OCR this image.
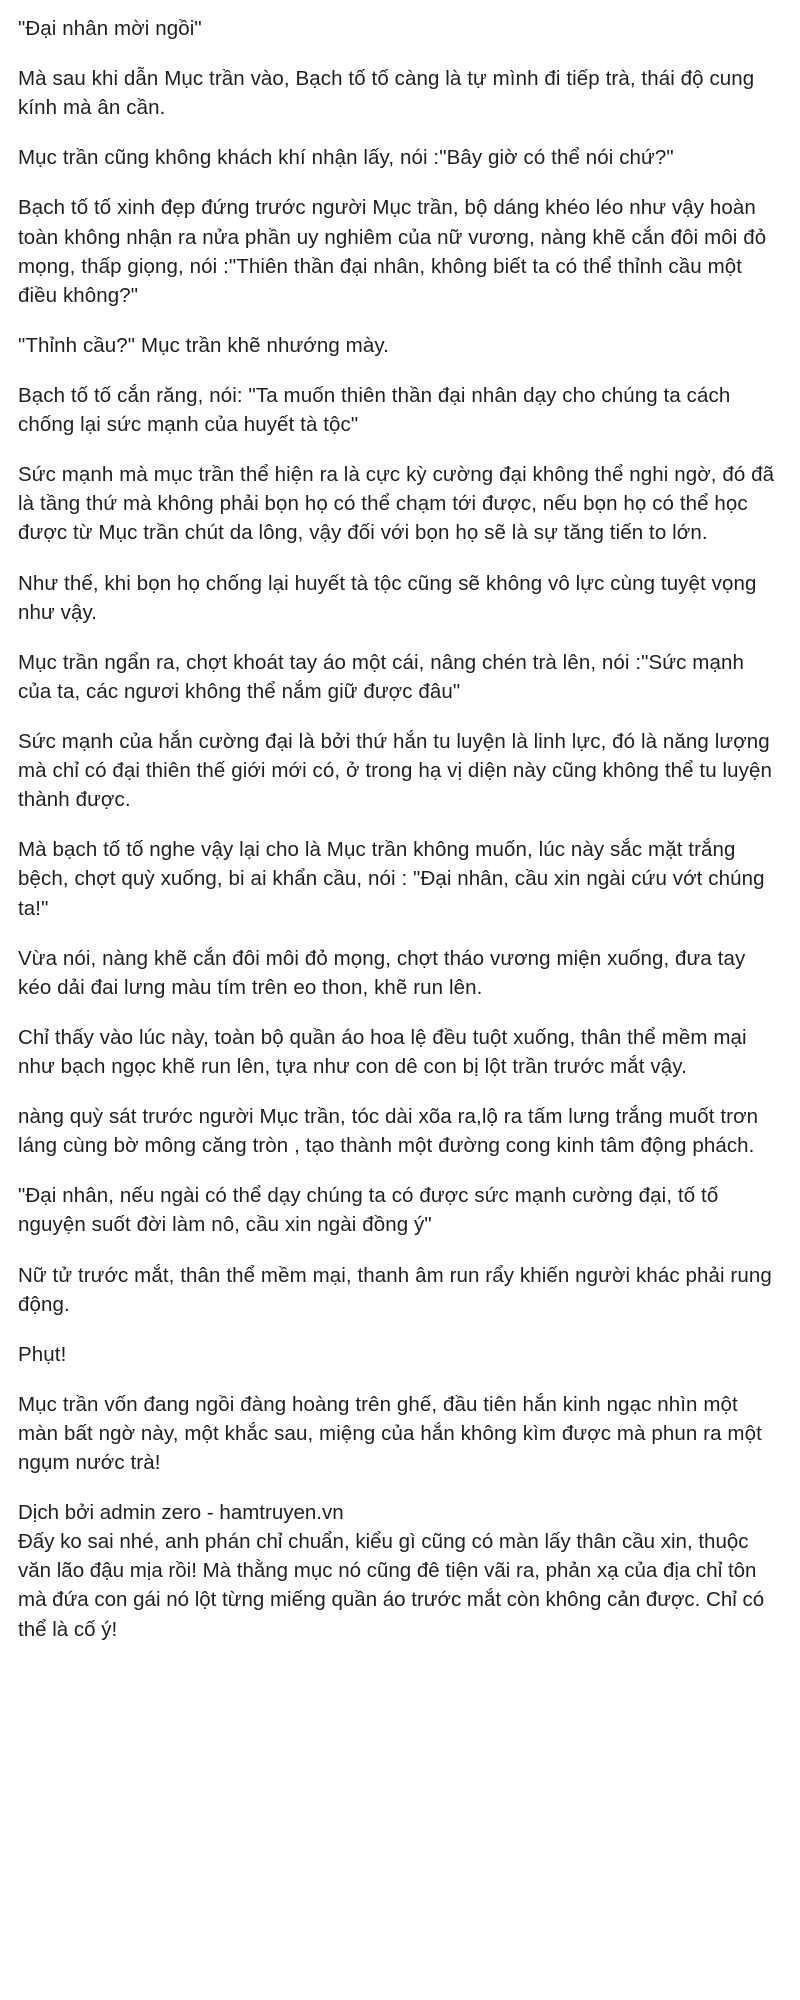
"Đại nhân mời ngồi"

Mà sau khi dẫn Mục trần vào, Bạch tố tố càng là tự mình đi tiếp trà, thái độ cung kính mà ân cần.

Mục trần cũng không khách khí nhận lấy, nói :"Bây giờ có thể nói chứ?"

Bạch tố tố xinh đẹp đứng trước người Mục trần, bộ dáng khéo léo như vậy hoàn toàn không nhận ra nửa phần uy nghiêm của nữ vương, nàng khẽ cắn đôi môi đỏ mọng, thấp giọng, nói :"Thiên thần đại nhân, không biết ta có thể thỉnh cầu một điều không?"

"Thỉnh cầu?" Mục trần khẽ nhướng mày.

Bạch tố tố cắn răng, nói: "Ta muốn thiên thần đại nhân dạy cho chúng ta cách chống lại sức mạnh của huyết tà tộc"

Sức mạnh mà mục trần thể hiện ra là cực kỳ cường đại không thể nghi ngờ, đó đã là tầng thứ mà không phải bọn họ có thể chạm tới được, nếu bọn họ có thể học được từ Mục trần chút da lông, vậy đối với bọn họ sẽ là sự tăng tiến to lớn.

Như thế, khi bọn họ chống lại huyết tà tộc cũng sẽ không vô lực cùng tuyệt vọng như vậy.

Mục trần ngẩn ra, chợt khoát tay áo một cái, nâng chén trà lên, nói :"Sức mạnh của ta, các ngươi không thể nắm giữ được đâu"

Sức mạnh của hắn cường đại là bởi thứ hắn tu luyện là linh lực, đó là năng lượng mà chỉ có đại thiên thế giới mới có, ở trong hạ vị diện này cũng không thể tu luyện thành được.

Mà bạch tố tố nghe vậy lại cho là Mục trần không muốn, lúc này sắc mặt trắng bệch, chợt quỳ xuống, bi ai khẩn cầu, nói : "Đại nhân, cầu xin ngài cứu vớt chúng ta!"

Vừa nói, nàng khẽ cắn đôi môi đỏ mọng, chợt tháo vương miện xuống, đưa tay kéo dải đai lưng màu tím trên eo thon, khẽ run lên.

Chỉ thấy vào lúc này, toàn bộ quần áo hoa lệ đều tuột xuống, thân thể mềm mại như bạch ngọc khẽ run lên, tựa như con dê con bị lột trần trước mắt vậy.

nàng quỳ sát trước người Mục trần, tóc dài xõa ra,lộ ra tấm lưng trắng muốt trơn láng cùng bờ mông căng tròn , tạo thành một đường cong kinh tâm động phách.

"Đại nhân, nếu ngài có thể dạy chúng ta có được sức mạnh cường đại, tố tố nguyện suốt đời làm nô, cầu xin ngài đồng ý"

Nữ tử trước mắt, thân thể mềm mại, thanh âm run rẩy khiến người khác phải rung động.

Phụt!

Mục trần vốn đang ngồi đàng hoàng trên ghế, đầu tiên hắn kinh ngạc nhìn một màn bất ngờ này, một khắc sau, miệng của hắn không kìm được mà phun ra một ngụm nước trà!

Dịch bởi admin zero - hamtruyen.vn

Đấy ko sai nhé, anh phán chỉ chuẩn, kiểu gì cũng có màn lấy thân cầu xin, thuộc văn lão đậu mịa rồi! Mà thằng mục nó cũng đê tiện vãi ra, phản xạ của địa chỉ tôn mà đứa con gái nó lột từng miếng quần áo trước mắt còn không cản được. Chỉ có thể là cố ý!
